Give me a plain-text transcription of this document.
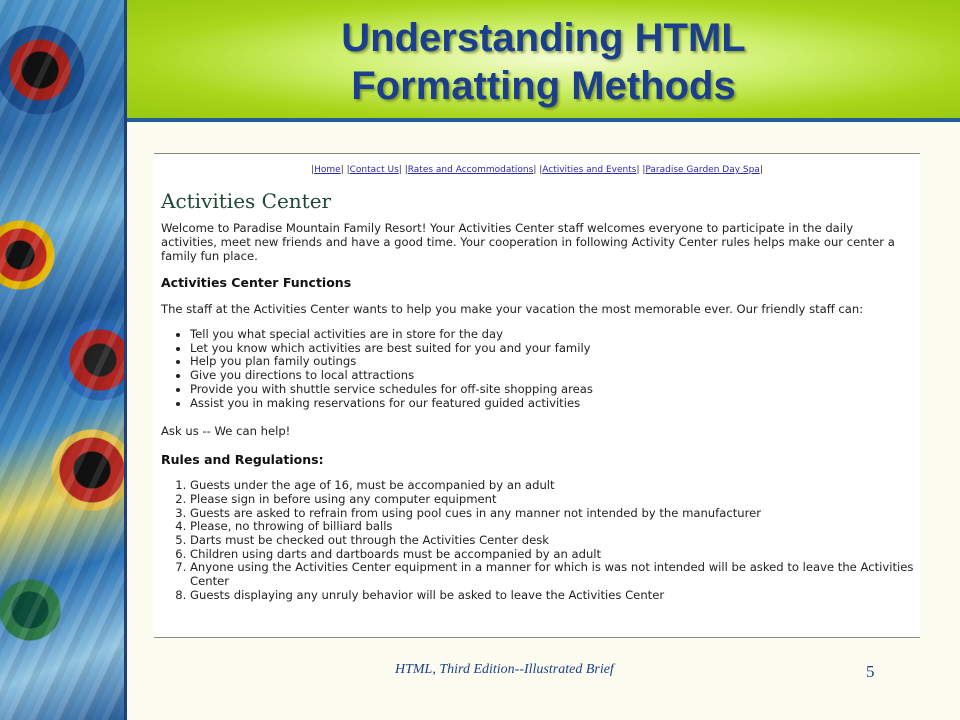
Understanding HTML
Formatting Methods
|Home| |Contact Us| |Rates and Accommodations| |Activities and Events| |Paradise Garden Day Spa|
Activities Center
Welcome to Paradise Mountain Family Resort! Your Activities Center staff welcomes everyone to participate in the daily activities, meet new friends and have a good time. Your cooperation in following Activity Center rules helps make our center a family fun place.
Activities Center Functions
The staff at the Activities Center wants to help you make your vacation the most memorable ever. Our friendly staff can:
• Tell you what special activities are in store for the day
• Let you know which activities are best suited for you and your family
• Help you plan family outings
• Give you directions to local attractions
• Provide you with shuttle service schedules for off-site shopping areas
• Assist you in making reservations for our featured guided activities
Ask us -- We can help!
Rules and Regulations:
1. Guests under the age of 16, must be accompanied by an adult
2. Please sign in before using any computer equipment
3. Guests are asked to refrain from using pool cues in any manner not intended by the manufacturer
4. Please, no throwing of billiard balls
5. Darts must be checked out through the Activities Center desk
6. Children using darts and dartboards must be accompanied by an adult
7. Anyone using the Activities Center equipment in a manner for which is was not intended will be asked to leave the Activities Center
8. Guests displaying any unruly behavior will be asked to leave the Activities Center
HTML, Third Edition--Illustrated Brief	5
